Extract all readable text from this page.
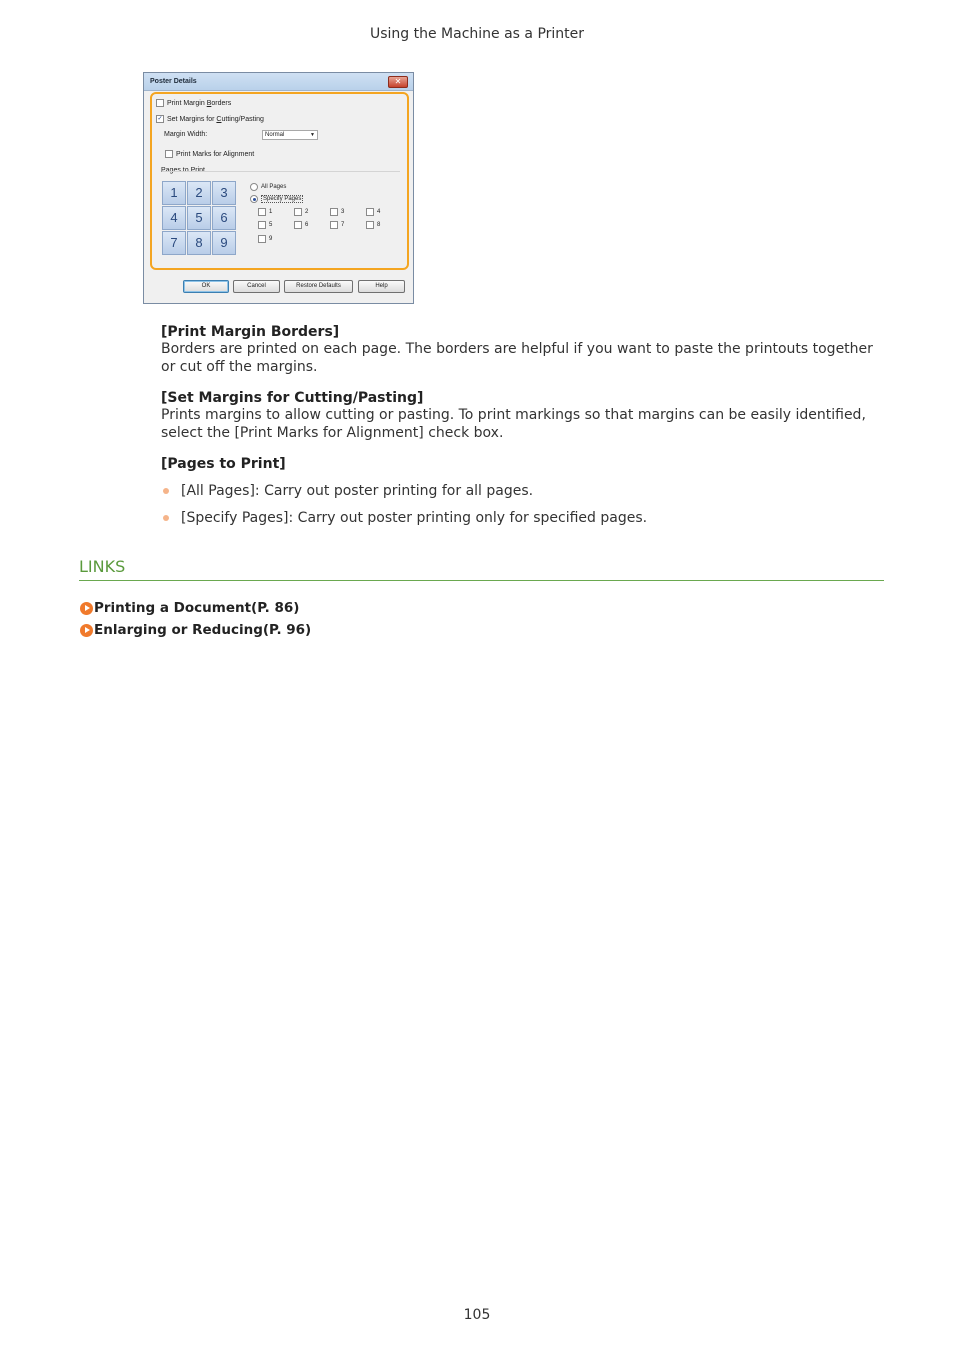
Using the Machine as a Printer
Poster Details	✕
Print Margin Borders
✓ Set Margins for Cutting/Pasting
Margin Width:	Normal	▼
Print Marks for Alignment
1	2	3
4	5	6
7	8	9
All Pages
Specify Pages
1	2	3	4
5	6	7	8
9
OK	Cancel	Restore Defaults	Help
[Print Margin Borders]
Borders are printed on each page. The borders are helpful if you want to paste the printouts together or cut off the margins.
[Set Margins for Cutting/Pasting]
Prints margins to allow cutting or pasting. To print markings so that margins can be easily identified, select the [Print Marks for Alignment] check box.
[Pages to Print]
[All Pages]: Carry out poster printing for all pages.
[Specify Pages]: Carry out poster printing only for specified pages.
LINKS
Printing a Document(P. 86)
Enlarging or Reducing(P. 96)
105
